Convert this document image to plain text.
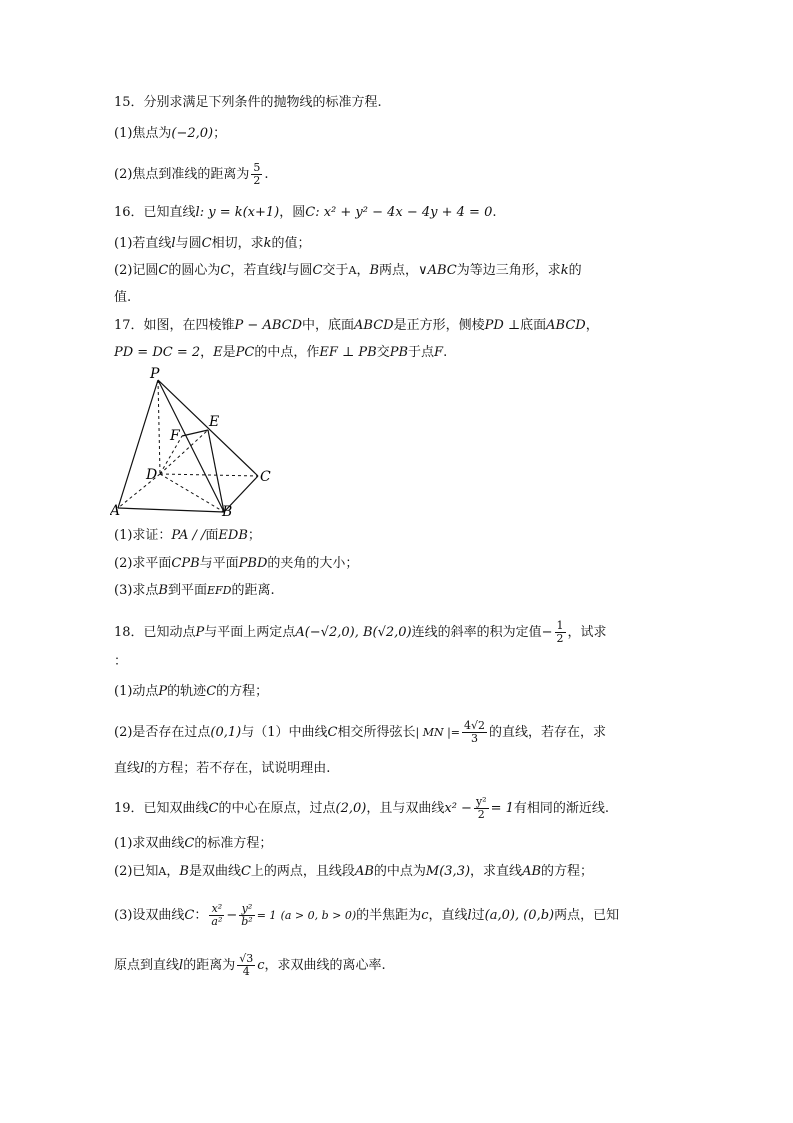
15．分别求满足下列条件的抛物线的标准方程.
(1)焦点为(−2,0)；
(2)焦点到准线的距离为 $\frac{5}{2}$ .
16．已知直线l: y = k(x+1)，圆C: x² + y² − 4x − 4y + 4 = 0.
(1)若直线l与圆C相切，求k的值；
(2)记圆C的圆心为C，若直线l与圆C交于A，B两点，∨ABC为等边三角形，求k的
值.
17．如图，在四棱锥P − ABCD中，底面ABCD是正方形，侧棱PD ⊥底面ABCD，
PD = DC = 2，E是PC的中点，作EF ⊥ PB交PB于点F.
P
E
F
D	C
A	B
(1)求证：PA / /面EDB；
(2)求平面CPB与平面PBD的夹角的大小；
(3)求点B到平面EFD的距离.
18．已知动点P与平面上两定点A(−√2,0), B(√2,0)连线的斜率的积为定值− $\frac{1}{2}$ ，试求
：
(1)动点P的轨迹C的方程；
(2)是否存在过点(0,1)与（1）中曲线C相交所得弦长| MN |= $\frac{4√2}{3}$ 的直线，若存在，求
直线l的方程；若不存在，试说明理由.
19．已知双曲线C的中心在原点，过点(2,0)，且与双曲线$x^2 - \frac{\text{y²}}{2} = 1$有相同的渐近线.
(1)求双曲线C的标准方程；
(2)已知A，B是双曲线C上的两点，且线段AB的中点为M(3,3)，求直线AB的方程；
(3)设双曲线C： $\frac{\text{x²}}{\text{a²}} - \frac{\text{y²}}{\text{b²}} = 1$ (a > 0, b > 0)的半焦距为c，直线l过(a,0), (0,b)两点，已知
原点到直线l的距离为 $\frac{√3}{4}$ c，求双曲线的离心率.
